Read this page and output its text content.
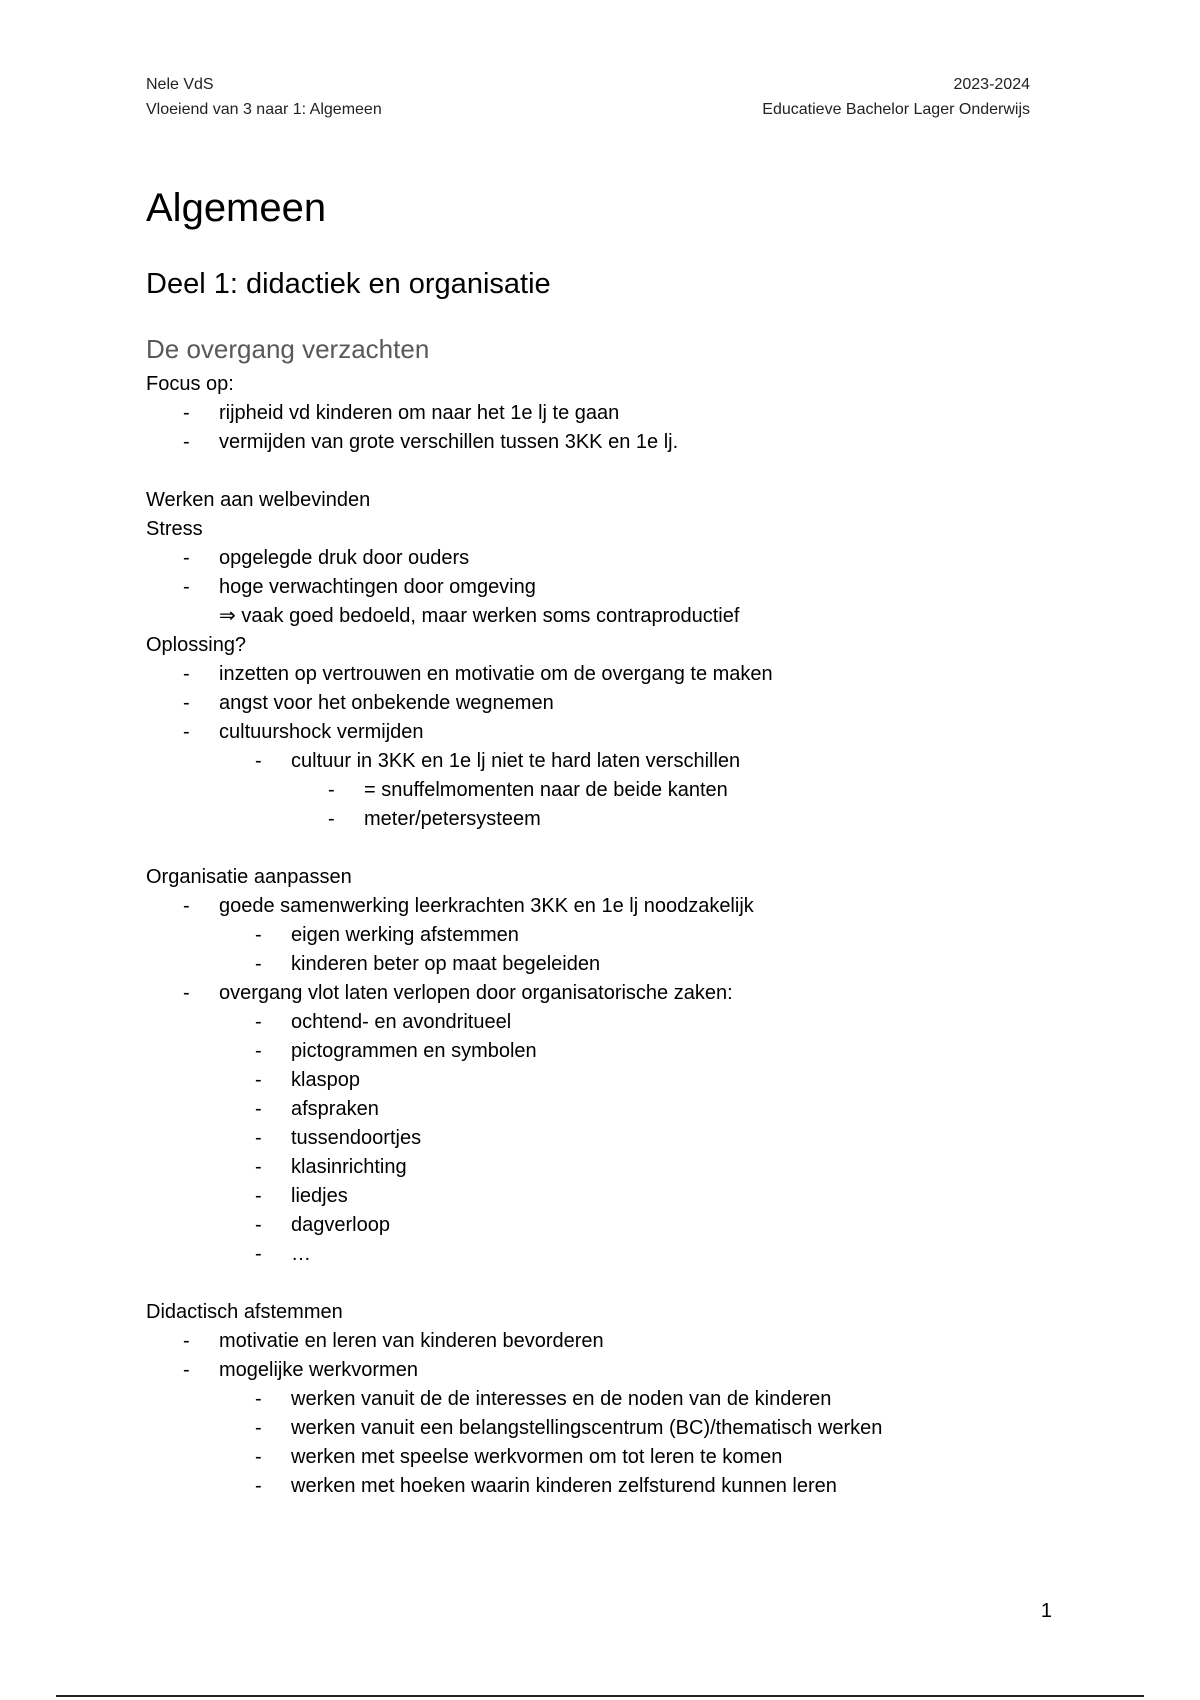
Nele VdS
Vloeiend van 3 naar 1: Algemeen
2023-2024
Educatieve Bachelor Lager Onderwijs
Algemeen
Deel 1: didactiek en organisatie
De overgang verzachten
Focus op:
- rijpheid vd kinderen om naar het 1e lj te gaan
- vermijden van grote verschillen tussen 3KK en 1e lj.
Werken aan welbevinden
Stress
- opgelegde druk door ouders
- hoge verwachtingen door omgeving
⇒ vaak goed bedoeld, maar werken soms contraproductief
Oplossing?
- inzetten op vertrouwen en motivatie om de overgang te maken
- angst voor het onbekende wegnemen
- cultuurshock vermijden
- cultuur in 3KK en 1e lj niet te hard laten verschillen
- = snuffelmomenten naar de beide kanten
- meter/petersysteem
Organisatie aanpassen
- goede samenwerking leerkrachten 3KK en 1e lj noodzakelijk
- eigen werking afstemmen
- kinderen beter op maat begeleiden
- overgang vlot laten verlopen door organisatorische zaken:
- ochtend- en avondritueel
- pictogrammen en symbolen
- klaspop
- afspraken
- tussendoortjes
- klasinrichting
- liedjes
- dagverloop
- …
Didactisch afstemmen
- motivatie en leren van kinderen bevorderen
- mogelijke werkvormen
- werken vanuit de de interesses en de noden van de kinderen
- werken vanuit een belangstellingscentrum (BC)/thematisch werken
- werken met speelse werkvormen om tot leren te komen
- werken met hoeken waarin kinderen zelfsturend kunnen leren
1
